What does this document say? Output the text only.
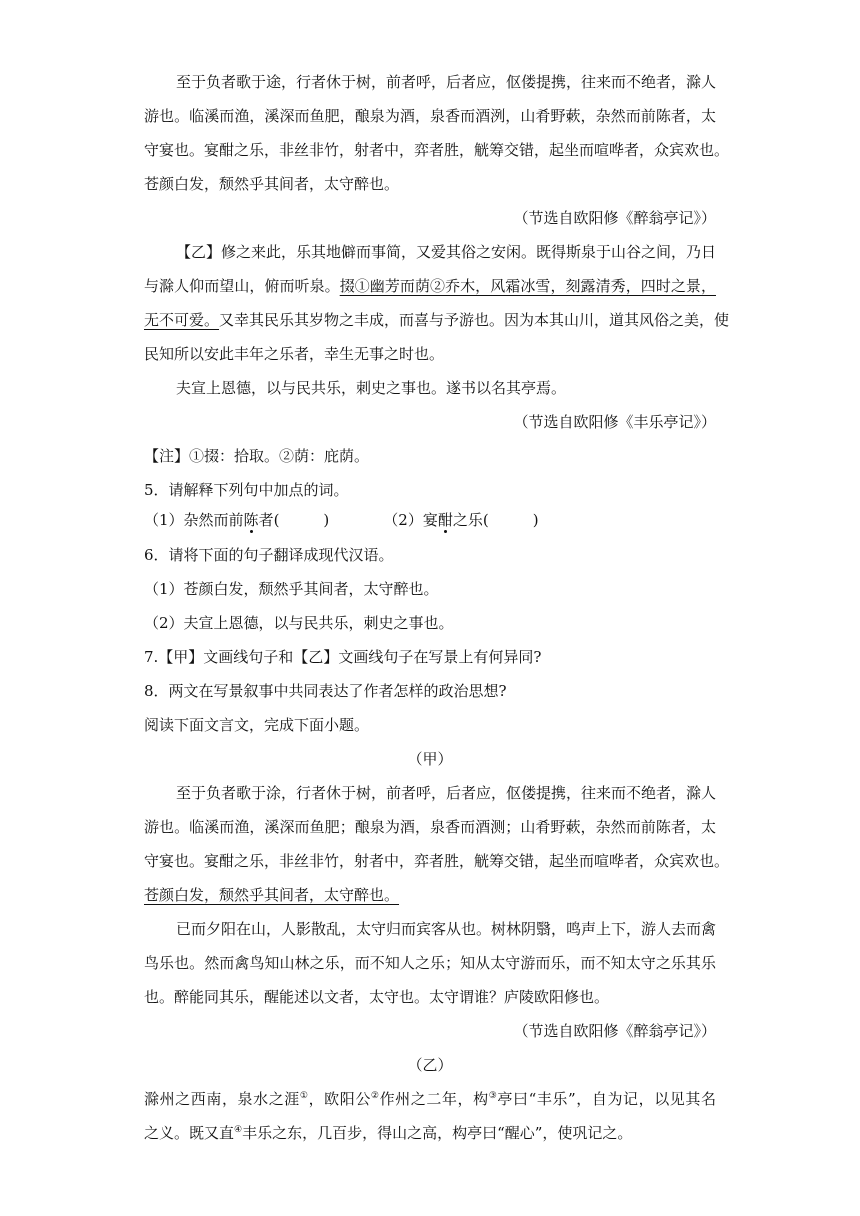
至于负者歌于途，行者休于树，前者呼，后者应，伛偻提携，往来而不绝者，滁人
游也。临溪而渔，溪深而鱼肥，酿泉为酒，泉香而酒洌，山肴野蔌，杂然而前陈者，太
守宴也。宴酣之乐，非丝非竹，射者中，弈者胜，觥筹交错，起坐而喧哗者，众宾欢也。
苍颜白发，颓然乎其间者，太守醉也。
（节选自欧阳修《醉翁亭记》）
【乙】修之来此，乐其地僻而事简，又爱其俗之安闲。既得斯泉于山谷之间，乃日
与滁人仰而望山，俯而听泉。掇①幽芳而荫②乔木，风霜冰雪，刻露清秀，四时之景，
无不可爱。又幸其民乐其岁物之丰成，而喜与予游也。因为本其山川，道其风俗之美，使
民知所以安此丰年之乐者，幸生无事之时也。
夫宣上恩德，以与民共乐，刺史之事也。遂书以名其亭焉。
（节选自欧阳修《丰乐亭记》）
【注】①掇：拾取。②荫：庇荫。
5．请解释下列句中加点的词。
（1）杂然而前陈者(	)	（2）宴酣之乐(	)
6．请将下面的句子翻译成现代汉语。
（1）苍颜白发，颓然乎其间者，太守醉也。
（2）夫宣上恩德，以与民共乐，刺史之事也。
7.【甲】文画线句子和【乙】文画线句子在写景上有何异同?
8．两文在写景叙事中共同表达了作者怎样的政治思想?
阅读下面文言文，完成下面小题。
（甲）
至于负者歌于涂，行者休于树，前者呼，后者应，伛偻提携，往来而不绝者，滁人
游也。临溪而渔，溪深而鱼肥；酿泉为酒，泉香而酒测；山肴野蔌，杂然而前陈者，太
守宴也。宴酣之乐，非丝非竹，射者中，弈者胜，觥筹交错，起坐而喧哗者，众宾欢也。
苍颜白发，颓然乎其间者，太守醉也。
已而夕阳在山，人影散乱，太守归而宾客从也。树林阴翳，鸣声上下，游人去而禽
鸟乐也。然而禽鸟知山林之乐，而不知人之乐；知从太守游而乐，而不知太守之乐其乐
也。醉能同其乐，醒能述以文者，太守也。太守谓谁？庐陵欧阳修也。
（节选自欧阳修《醉翁亭记》）
（乙）
滁州之西南，泉水之涯①，欧阳公②作州之二年，构③亭曰“丰乐”，自为记，以见其名
之义。既又直④丰乐之东，几百步，得山之高，构亭曰“醒心”，使巩记之。
